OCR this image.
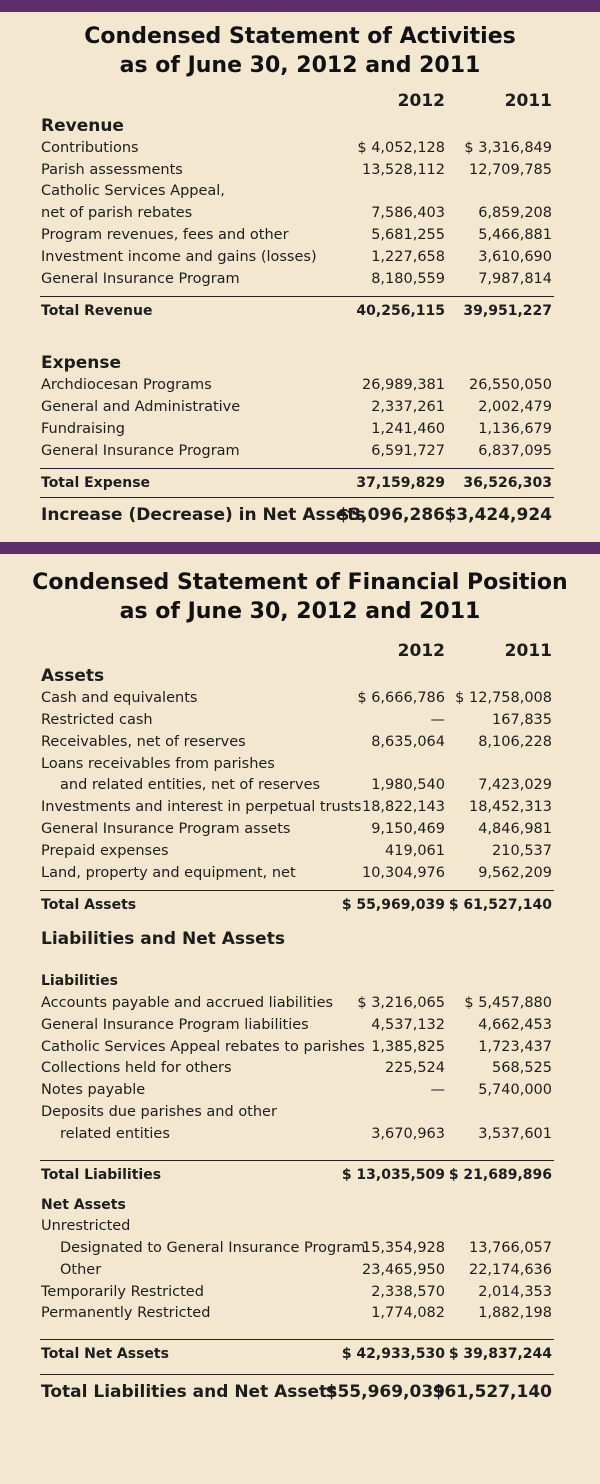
Condensed Statement of Activities
as of June 30, 2012 and 2011
2012	2011
Revenue
Contributions	$ 4,052,128 $ 3,316,849
Parish assessments	13,528,112 12,709,785
Catholic Services Appeal,
net of parish rebates	7,586,403 6,859,208
Program revenues, fees and other	5,681,255 5,466,881
Investment income and gains (losses)	1,227,658 3,610,690
General Insurance Program	8,180,559 7,987,814
Total Revenue	40,256,115 39,951,227
Expense
Archdiocesan Programs	26,989,381 26,550,050
General and Administrative	2,337,261 2,002,479
Fundraising	1,241,460 1,136,679
General Insurance Program	6,591,727 6,837,095
Total Expense	37,159,829 36,526,303
Increase (Decrease) in Net Assets
$3,096,286 $3,424,924
Condensed Statement of Financial Position
as of June 30, 2012 and 2011
2012	2011
Assets
Cash and equivalents	$ 6,666,786 $ 12,758,008
Restricted cash	—	167,835
Receivables, net of reserves	8,635,064 8,106,228
Loans receivables from parishes
and related entities, net of reserves	1,980,540 7,423,029
Investments and interest in perpetual trusts 18,822,143 18,452,313
General Insurance Program assets	9,150,469 4,846,981
Prepaid expenses	419,061	210,537
Land, property and equipment, net	10,304,976 9,562,209
Total Assets	$ 55,969,039 $ 61,527,140
Liabilities and Net Assets
Liabilities
Accounts payable and accrued liabilities $ 3,216,065 $ 5,457,880
General Insurance Program liabilities	4,537,132 4,662,453
Catholic Services Appeal rebates to parishes 1,385,825 1,723,437
Collections held for others	225,524	568,525
Notes payable	— 5,740,000
Deposits due parishes and other
related entities	3,670,963 3,537,601
Total Liabilities	$ 13,035,509 $ 21,689,896
Net Assets
Unrestricted
Designated to General Insurance Program
15,354,928 13,766,057
Other	23,465,950 22,174,636
Temporarily Restricted	2,338,570 2,014,353
Permanently Restricted	1,774,082 1,882,198
Total Net Assets	$ 42,933,530 $ 39,837,244
Total Liabilities and Net Assets
$55,969,039
$61,527,140
